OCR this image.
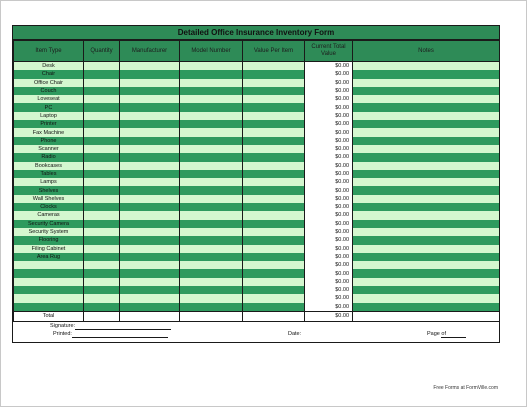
Detailed Office Insurance Inventory Form
Item Type	Quantity	Manufacturer	Model Number	Value Per Item	Current Total Value	Notes
Desk					$0.00	
Chair					$0.00	
Office Chair					$0.00	
Couch					$0.00	
Loveseat					$0.00	
PC					$0.00	
Laptop					$0.00	
Printer					$0.00	
Fax Machine					$0.00	
Phone					$0.00	
Scanner					$0.00	
Radio					$0.00	
Bookcases					$0.00	
Tables					$0.00	
Lamps					$0.00	
Shelves					$0.00	
Wall Shelves					$0.00	
Clocks					$0.00	
Cameras					$0.00	
Security Camera					$0.00	
Security System					$0.00	
Flooring					$0.00	
Filing Cabinet					$0.00	
Area Rug					$0.00	
					$0.00	
					$0.00	
					$0.00	
					$0.00	
					$0.00	
					$0.00	
Total					$0.00	
Signature:
Printed:	Date:	Page of
Free Forms at FormVille.com
